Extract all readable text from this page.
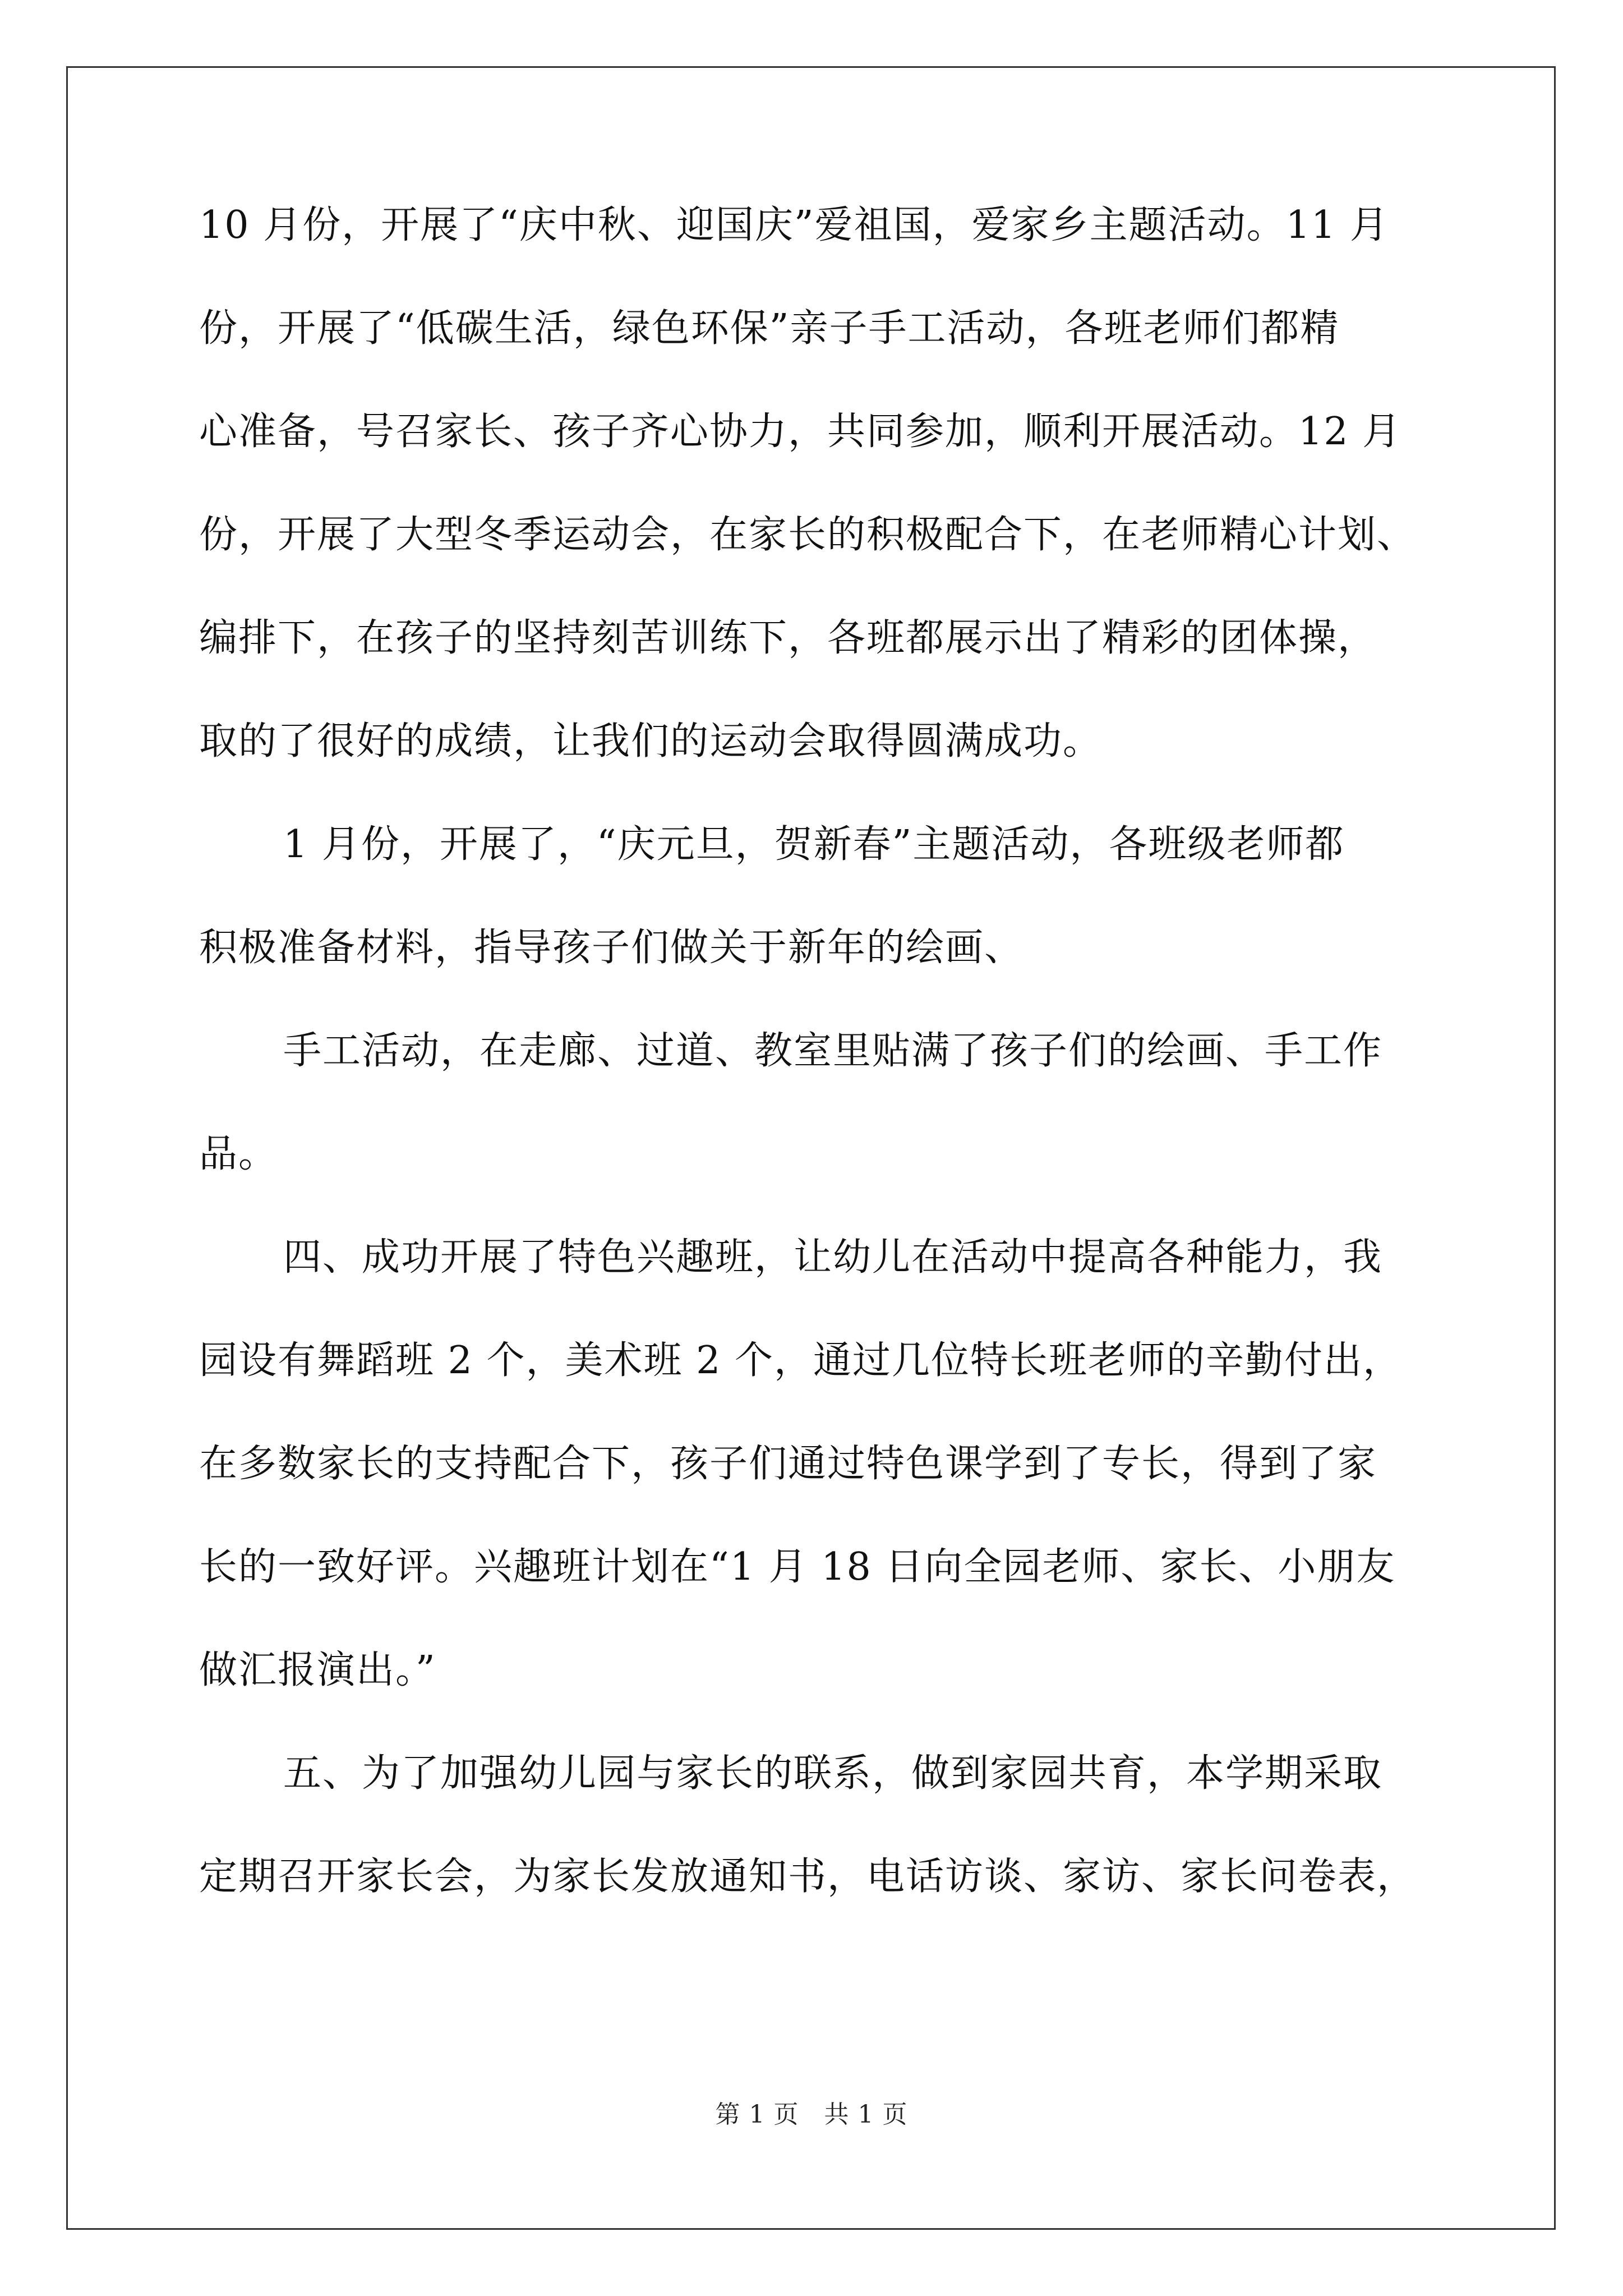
10 月份，开展了“庆中秋、迎国庆”爱祖国，爱家乡主题活动。11 月
份，开展了“低碳生活，绿色环保”亲子手工活动，各班老师们都精
心准备，号召家长、孩子齐心协力，共同参加，顺利开展活动。12 月
份，开展了大型冬季运动会，在家长的积极配合下，在老师精心计划、
编排下，在孩子的坚持刻苦训练下，各班都展示出了精彩的团体操，
取的了很好的成绩，让我们的运动会取得圆满成功。
1 月份，开展了，“庆元旦，贺新春”主题活动，各班级老师都
积极准备材料，指导孩子们做关于新年的绘画、
手工活动，在走廊、过道、教室里贴满了孩子们的绘画、手工作
品。
四、成功开展了特色兴趣班，让幼儿在活动中提高各种能力，我
园设有舞蹈班 2 个，美术班 2 个，通过几位特长班老师的辛勤付出，
在多数家长的支持配合下，孩子们通过特色课学到了专长，得到了家
长的一致好评。兴趣班计划在“1 月 18 日向全园老师、家长、小朋友
做汇报演出。”
五、为了加强幼儿园与家长的联系，做到家园共育，本学期采取
定期召开家长会，为家长发放通知书，电话访谈、家访、家长问卷表，
第 1 页　共 1 页
